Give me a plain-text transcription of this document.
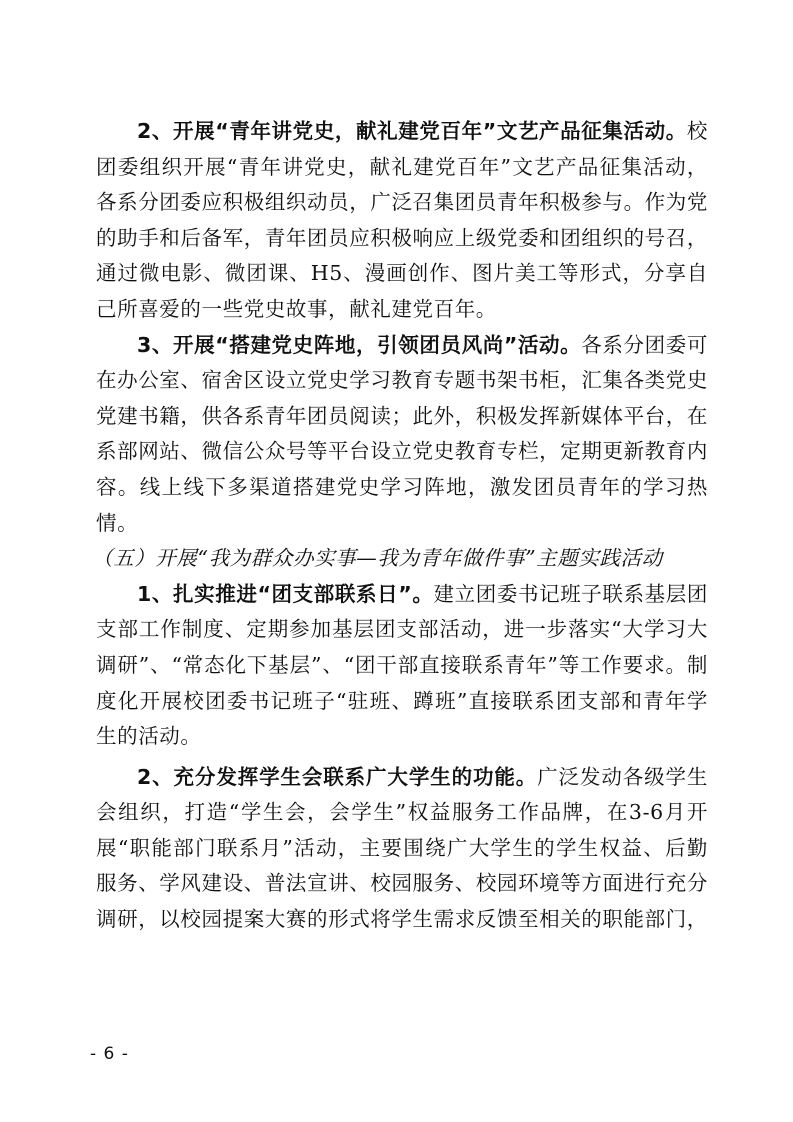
2、开展“青年讲党史，献礼建党百年”文艺产品征集活动。校团委组织开展“青年讲党史，献礼建党百年”文艺产品征集活动，各系分团委应积极组织动员，广泛召集团员青年积极参与。作为党的助手和后备军，青年团员应积极响应上级党委和团组织的号召，通过微电影、微团课、H5、漫画创作、图片美工等形式，分享自己所喜爱的一些党史故事，献礼建党百年。

3、开展“搭建党史阵地，引领团员风尚”活动。各系分团委可在办公室、宿舍区设立党史学习教育专题书架书柜，汇集各类党史党建书籍，供各系青年团员阅读；此外，积极发挥新媒体平台，在系部网站、微信公众号等平台设立党史教育专栏，定期更新教育内容。线上线下多渠道搭建党史学习阵地，激发团员青年的学习热情。

（五）开展“我为群众办实事—我为青年做件事”主题实践活动

1、扎实推进“团支部联系日”。建立团委书记班子联系基层团支部工作制度、定期参加基层团支部活动，进一步落实“大学习大调研”、“常态化下基层”、“团干部直接联系青年”等工作要求。制度化开展校团委书记班子“驻班、蹲班”直接联系团支部和青年学生的活动。

2、充分发挥学生会联系广大学生的功能。广泛发动各级学生会组织，打造“学生会，会学生”权益服务工作品牌，在3-6月开展“职能部门联系月”活动，主要围绕广大学生的学生权益、后勤服务、学风建设、普法宣讲、校园服务、校园环境等方面进行充分调研，以校园提案大赛的形式将学生需求反馈至相关的职能部门，

- 6 -
